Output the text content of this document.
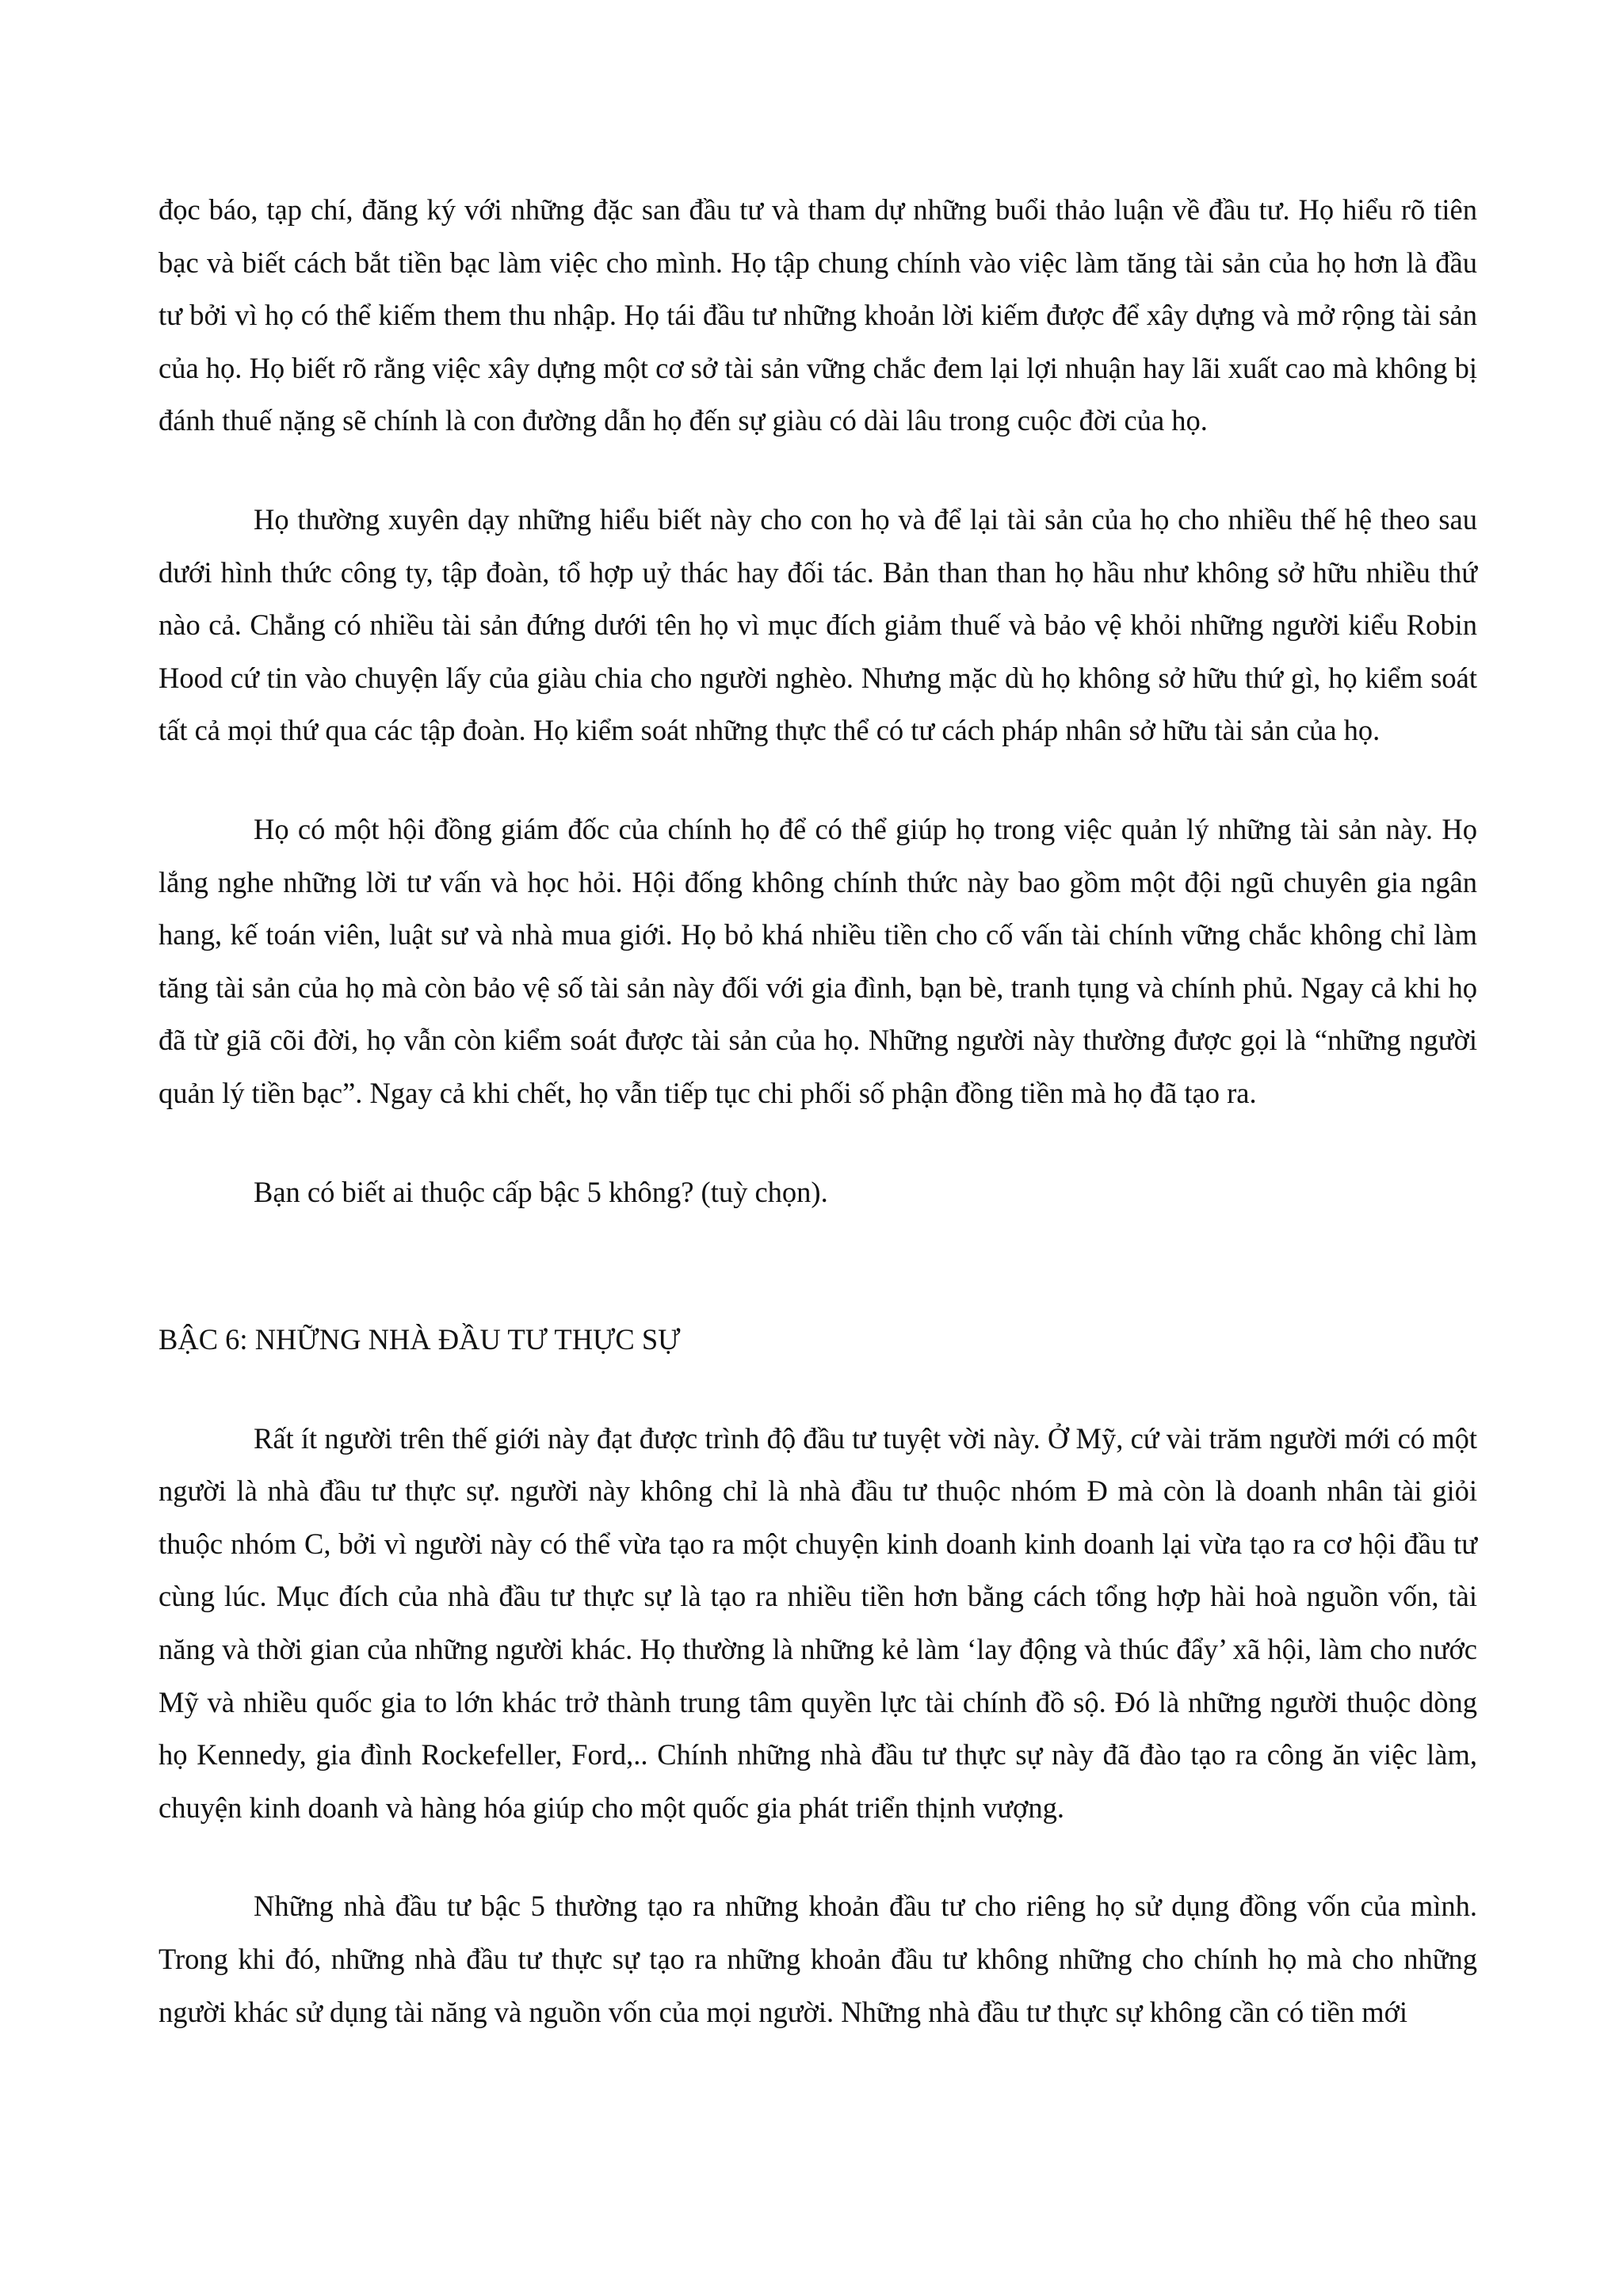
đọc báo, tạp chí, đăng ký với những đặc san đầu tư và tham dự những buổi thảo luận về đầu tư. Họ hiểu rõ tiên bạc và biết cách bắt tiền bạc làm việc cho mình. Họ tập chung chính vào việc làm tăng tài sản của họ hơn là đầu tư bởi vì họ có thể kiếm them thu nhập. Họ tái đầu tư những khoản lời kiếm được để xây dựng và mở rộng tài sản của họ. Họ biết rõ rằng việc xây dựng một cơ sở tài sản vững chắc đem lại lợi nhuận hay lãi xuất cao mà không bị đánh thuế nặng sẽ chính là con đường dẫn họ đến sự giàu có dài lâu trong cuộc đời của họ.

Họ thường xuyên dạy những hiểu biết này cho con họ và để lại tài sản của họ cho nhiều thế hệ theo sau dưới hình thức công ty, tập đoàn, tổ hợp uỷ thác hay đối tác. Bản than than họ hầu như không sở hữu nhiều thứ nào cả. Chẳng có nhiều tài sản đứng dưới tên họ vì mục đích giảm thuế và bảo vệ khỏi những người kiểu Robin Hood cứ tin vào chuyện lấy của giàu chia cho người nghèo. Nhưng mặc dù họ không sở hữu thứ gì, họ kiểm soát tất cả mọi thứ qua các tập đoàn. Họ kiểm soát những thực thể có tư cách pháp nhân sở hữu tài sản của họ.

Họ có một hội đồng giám đốc của chính họ để có thể giúp họ trong việc quản lý những tài sản này. Họ lắng nghe những lời tư vấn và học hỏi. Hội đống không chính thức này bao gồm một đội ngũ chuyên gia ngân hang, kế toán viên, luật sư và nhà mua giới. Họ bỏ khá nhiều tiền cho cố vấn tài chính vững chắc không chỉ làm tăng tài sản của họ mà còn bảo vệ số tài sản này đối với gia đình, bạn bè, tranh tụng và chính phủ. Ngay cả khi họ đã từ giã cõi đời, họ vẫn còn kiểm soát được tài sản của họ. Những người này thường được gọi là “những người quản lý tiền bạc”. Ngay cả khi chết, họ vẫn tiếp tục chi phối số phận đồng tiền mà họ đã tạo ra.

Bạn có biết ai thuộc cấp bậc 5 không? (tuỳ chọn).

BẬC 6: NHỮNG NHÀ ĐẦU TƯ THỰC SỰ

Rất ít người trên thế giới này đạt được trình độ đầu tư tuyệt vời này. Ở Mỹ, cứ vài trăm người mới có một người là nhà đầu tư thực sự. người này không chỉ là nhà đầu tư thuộc nhóm Đ mà còn là doanh nhân tài giỏi thuộc nhóm C, bởi vì người này có thể vừa tạo ra một chuyện kinh doanh kinh doanh lại vừa tạo ra cơ hội đầu tư cùng lúc. Mục đích của nhà đầu tư thực sự là tạo ra nhiều tiền hơn bằng cách tổng hợp hài hoà nguồn vốn, tài năng và thời gian của những người khác. Họ thường là những kẻ làm ‘lay động và thúc đẩy’ xã hội, làm cho nước Mỹ và nhiều quốc gia to lớn khác trở thành trung tâm quyền lực tài chính đồ sộ. Đó là những người thuộc dòng họ Kennedy, gia đình Rockefeller, Ford,.. Chính những nhà đầu tư thực sự này đã đào tạo ra công ăn việc làm, chuyện kinh doanh và hàng hóa giúp cho một quốc gia phát triển thịnh vượng.

Những nhà đầu tư bậc 5 thường tạo ra những khoản đầu tư cho riêng họ sử dụng đồng vốn của mình. Trong khi đó, những nhà đầu tư thực sự tạo ra những khoản đầu tư không những cho chính họ mà cho những người khác sử dụng tài năng và nguồn vốn của mọi người. Những nhà đầu tư thực sự không cần có tiền mới
